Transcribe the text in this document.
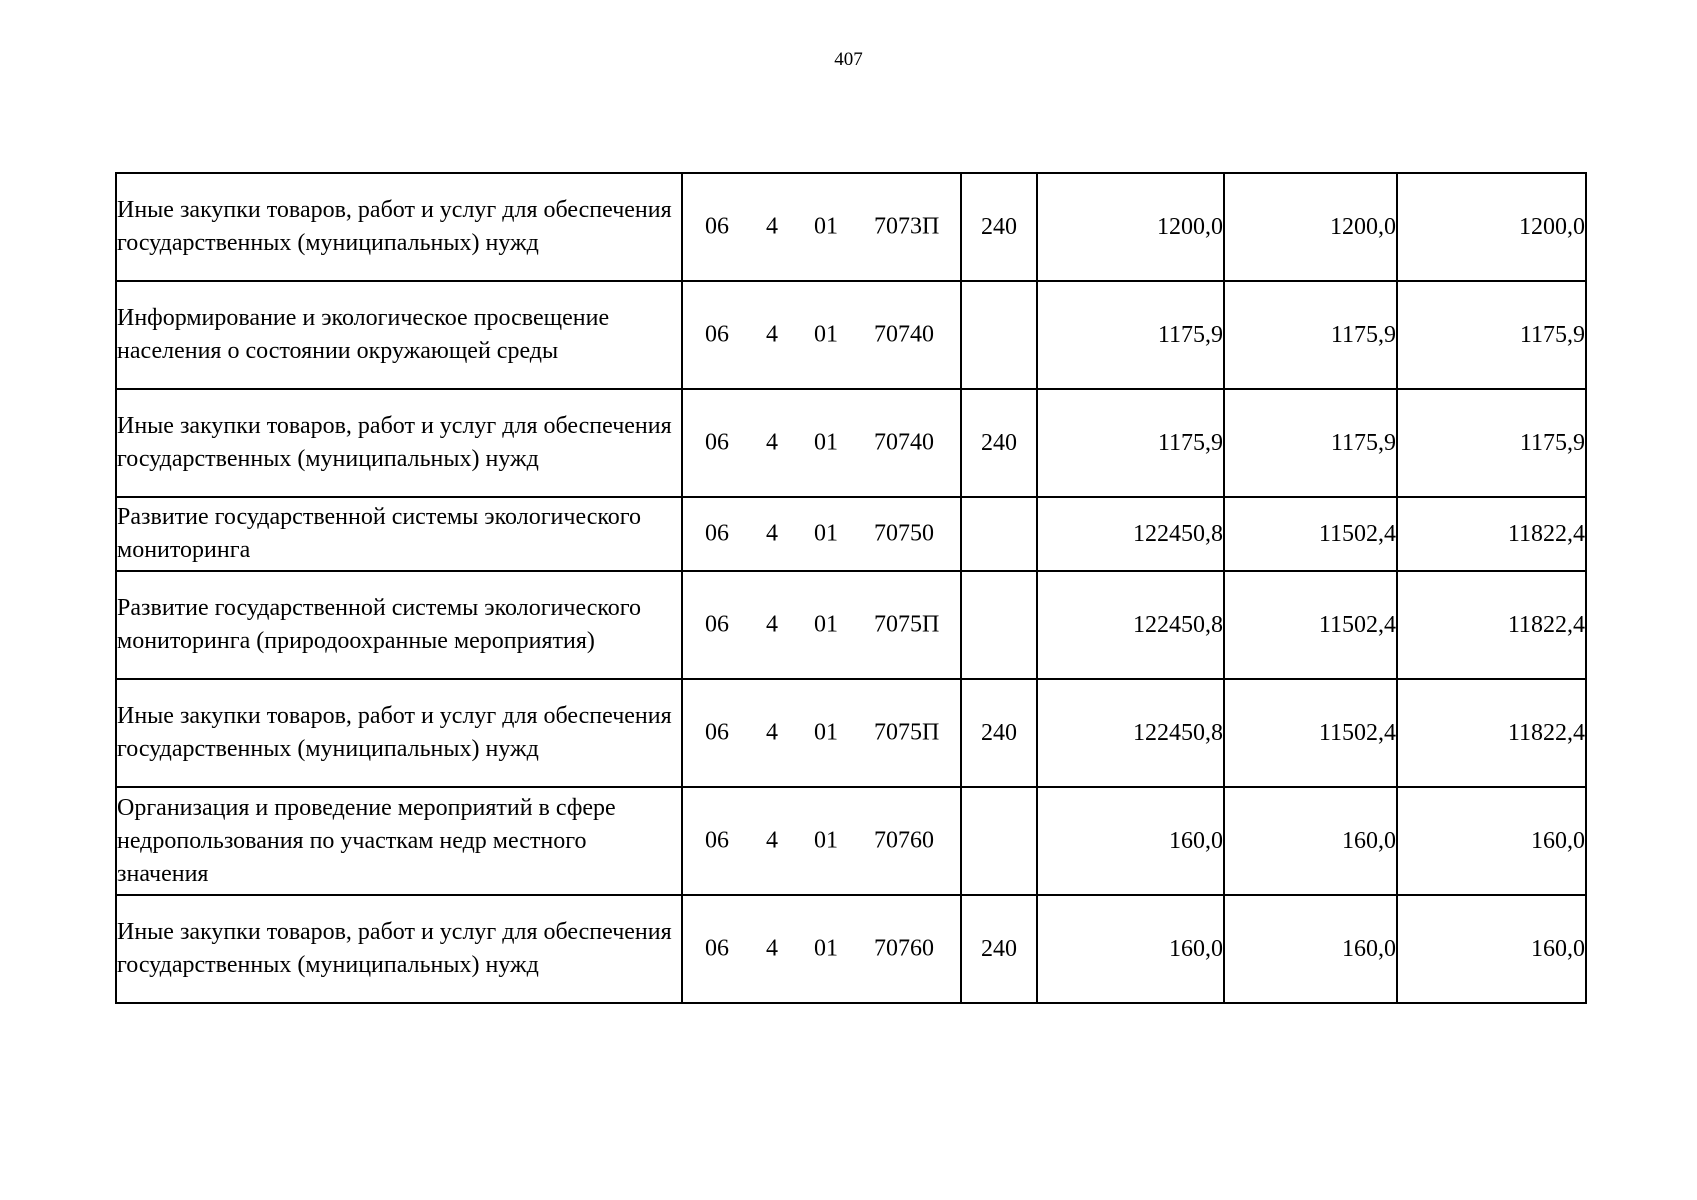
407
Иные закупки товаров, работ и услуг для обеспечения государственных (муниципальных) нужд	06 4 01 7073П	240	1200,0	1200,0	1200,0
Информирование и экологическое просвещение населения о состоянии окружающей среды	06 4 01 70740		1175,9	1175,9	1175,9
Иные закупки товаров, работ и услуг для обеспечения государственных (муниципальных) нужд	06 4 01 70740	240	1175,9	1175,9	1175,9
Развитие государственной системы экологического мониторинга	06 4 01 70750		122450,8	11502,4	11822,4
Развитие государственной системы экологического мониторинга (природоохранные мероприятия)	06 4 01 7075П		122450,8	11502,4	11822,4
Иные закупки товаров, работ и услуг для обеспечения государственных (муниципальных) нужд	06 4 01 7075П	240	122450,8	11502,4	11822,4
Организация и проведение мероприятий в сфере недропользования по участкам недр местного значения	06 4 01 70760		160,0	160,0	160,0
Иные закупки товаров, работ и услуг для обеспечения государственных (муниципальных) нужд	06 4 01 70760	240	160,0	160,0	160,0
